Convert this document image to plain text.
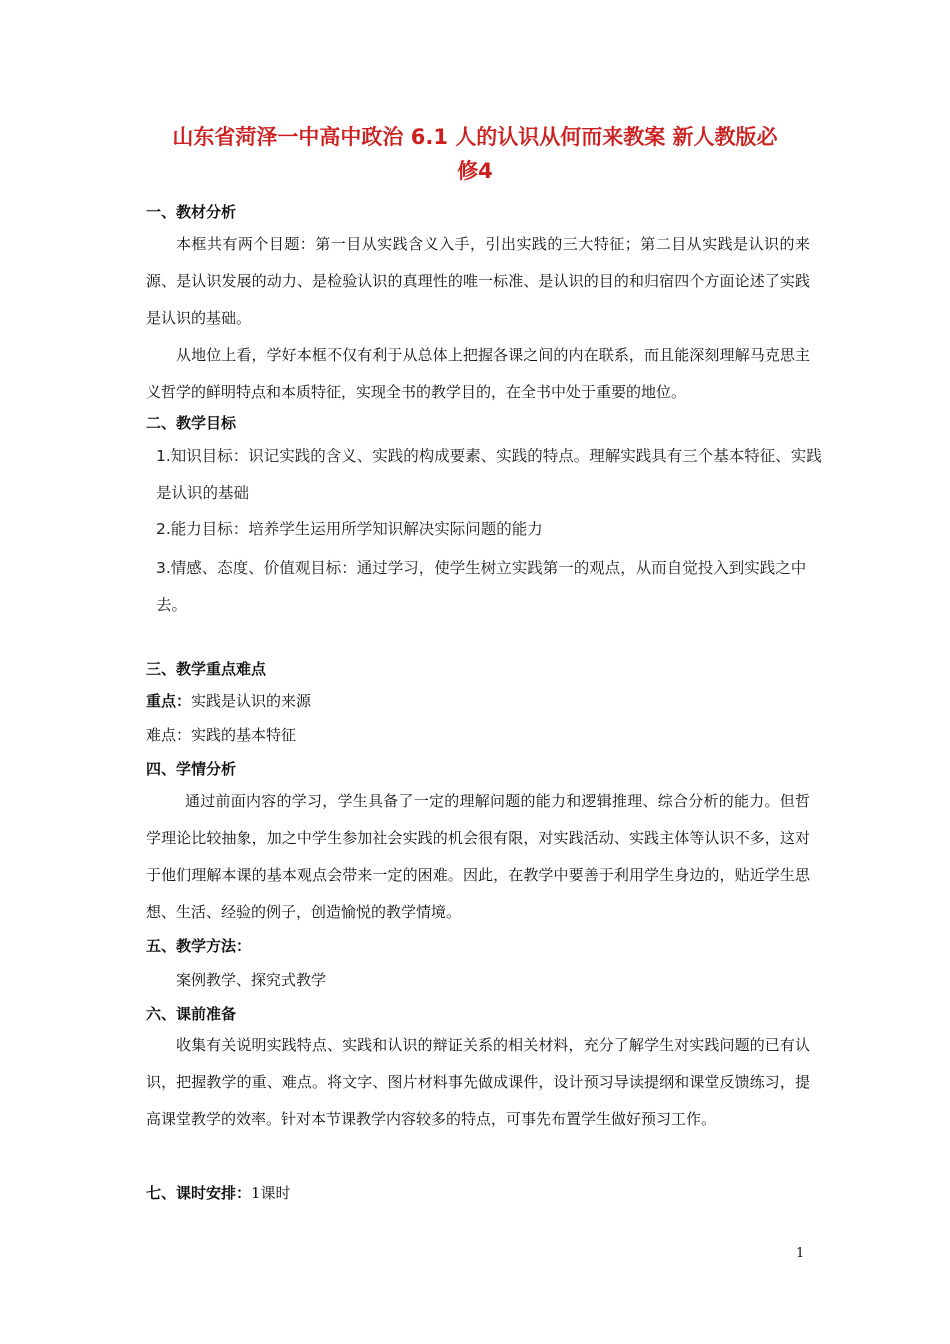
山东省菏泽一中高中政治 6.1 人的认识从何而来教案 新人教版必
修4
一、教材分析

本框共有两个目题：第一目从实践含义入手，引出实践的三大特征；第二目从实践是认识的来源、是认识发展的动力、是检验认识的真理性的唯一标准、是认识的目的和归宿四个方面论述了实践是认识的基础。

从地位上看，学好本框不仅有利于从总体上把握各课之间的内在联系，而且能深刻理解马克思主义哲学的鲜明特点和本质特征，实现全书的教学目的，在全书中处于重要的地位。

二、教学目标

1.知识目标：识记实践的含义、实践的构成要素、实践的特点。理解实践具有三个基本特征、实践是认识的基础

2.能力目标：培养学生运用所学知识解决实际问题的能力

3.情感、态度、价值观目标：通过学习，使学生树立实践第一的观点，从而自觉投入到实践之中去。

三、教学重点难点
重点：实践是认识的来源
难点：实践的基本特征
四、学情分析

通过前面内容的学习，学生具备了一定的理解问题的能力和逻辑推理、综合分析的能力。但哲学理论比较抽象，加之中学生参加社会实践的机会很有限，对实践活动、实践主体等认识不多，这对于他们理解本课的基本观点会带来一定的困难。因此，在教学中要善于利用学生身边的，贴近学生思想、生活、经验的例子，创造愉悦的教学情境。

五、教学方法：
案例教学、探究式教学
六、课前准备

收集有关说明实践特点、实践和认识的辩证关系的相关材料，充分了解学生对实践问题的已有认识，把握教学的重、难点。将文字、图片材料事先做成课件，设计预习导读提纲和课堂反馈练习，提高课堂教学的效率。针对本节课教学内容较多的特点，可事先布置学生做好预习工作。

七、课时安排：1课时
1
